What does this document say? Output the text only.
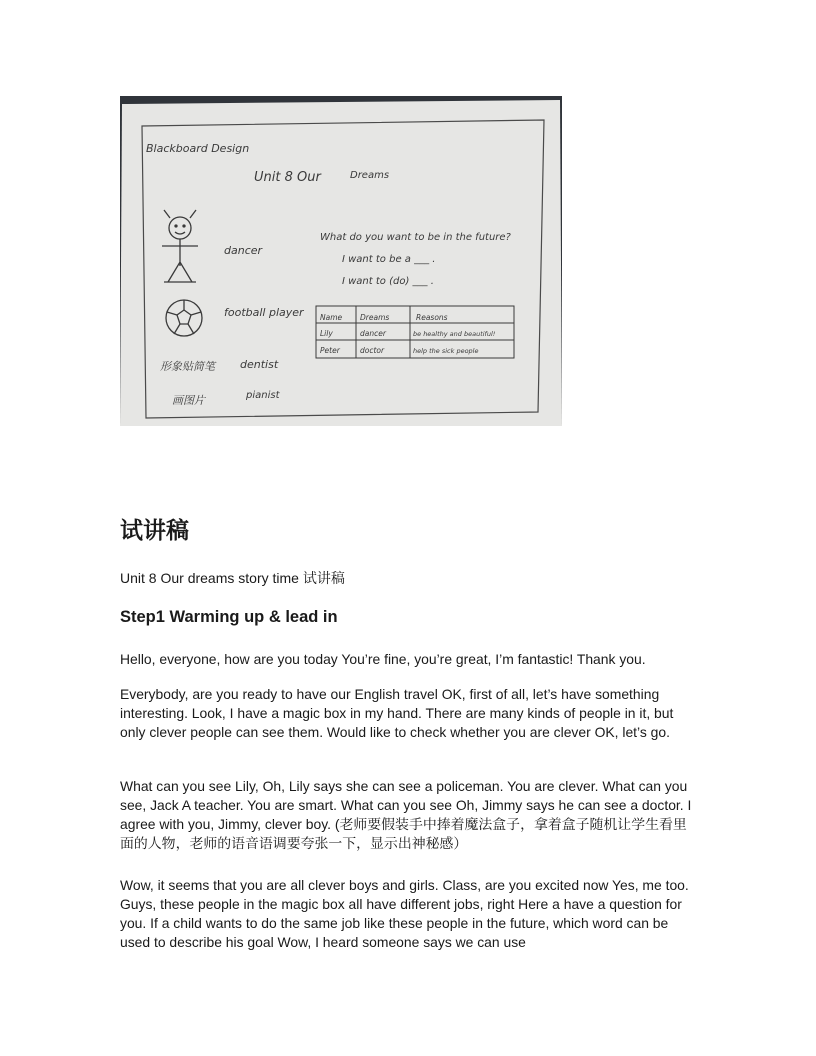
Blackboard Design
Unit 8 Our	Dreams
dancer
football player
形象贴简笔 dentist
画图片	pianist
What do you want to be in the future?
I want to be a ___ .
I want to (do) ___ .
Name Dreams	Reasons
Lily	dancer	be healthy and beautiful!
Peter	doctor	help the sick people
试讲稿

Unit 8 Our dreams story time 试讲稿

Step1 Warming up & lead in

Hello, everyone, how are you today You’re fine, you’re great, I’m fantastic! Thank you.

Everybody, are you ready to have our English travel OK, first of all, let’s have something interesting. Look, I have a magic box in my hand. There are many kinds of people in it, but only clever people can see them. Would like to check whether you are clever OK, let’s go.

What can you see Lily, Oh, Lily says she can see a policeman. You are clever. What can you see, Jack A teacher. You are smart. What can you see Oh, Jimmy says he can see a doctor. I agree with you, Jimmy, clever boy. (老师要假装手中捧着魔法盒子，拿着盒子随机让学生看里面的人物，老师的语音语调要夸张一下，显示出神秘感）

Wow, it seems that you are all clever boys and girls. Class, are you excited now Yes, me too. Guys, these people in the magic box all have different jobs, right Here a have a question for you. If a child wants to do the same job like these people in the future, which word can be used to describe his goal Wow, I heard someone says we can use
